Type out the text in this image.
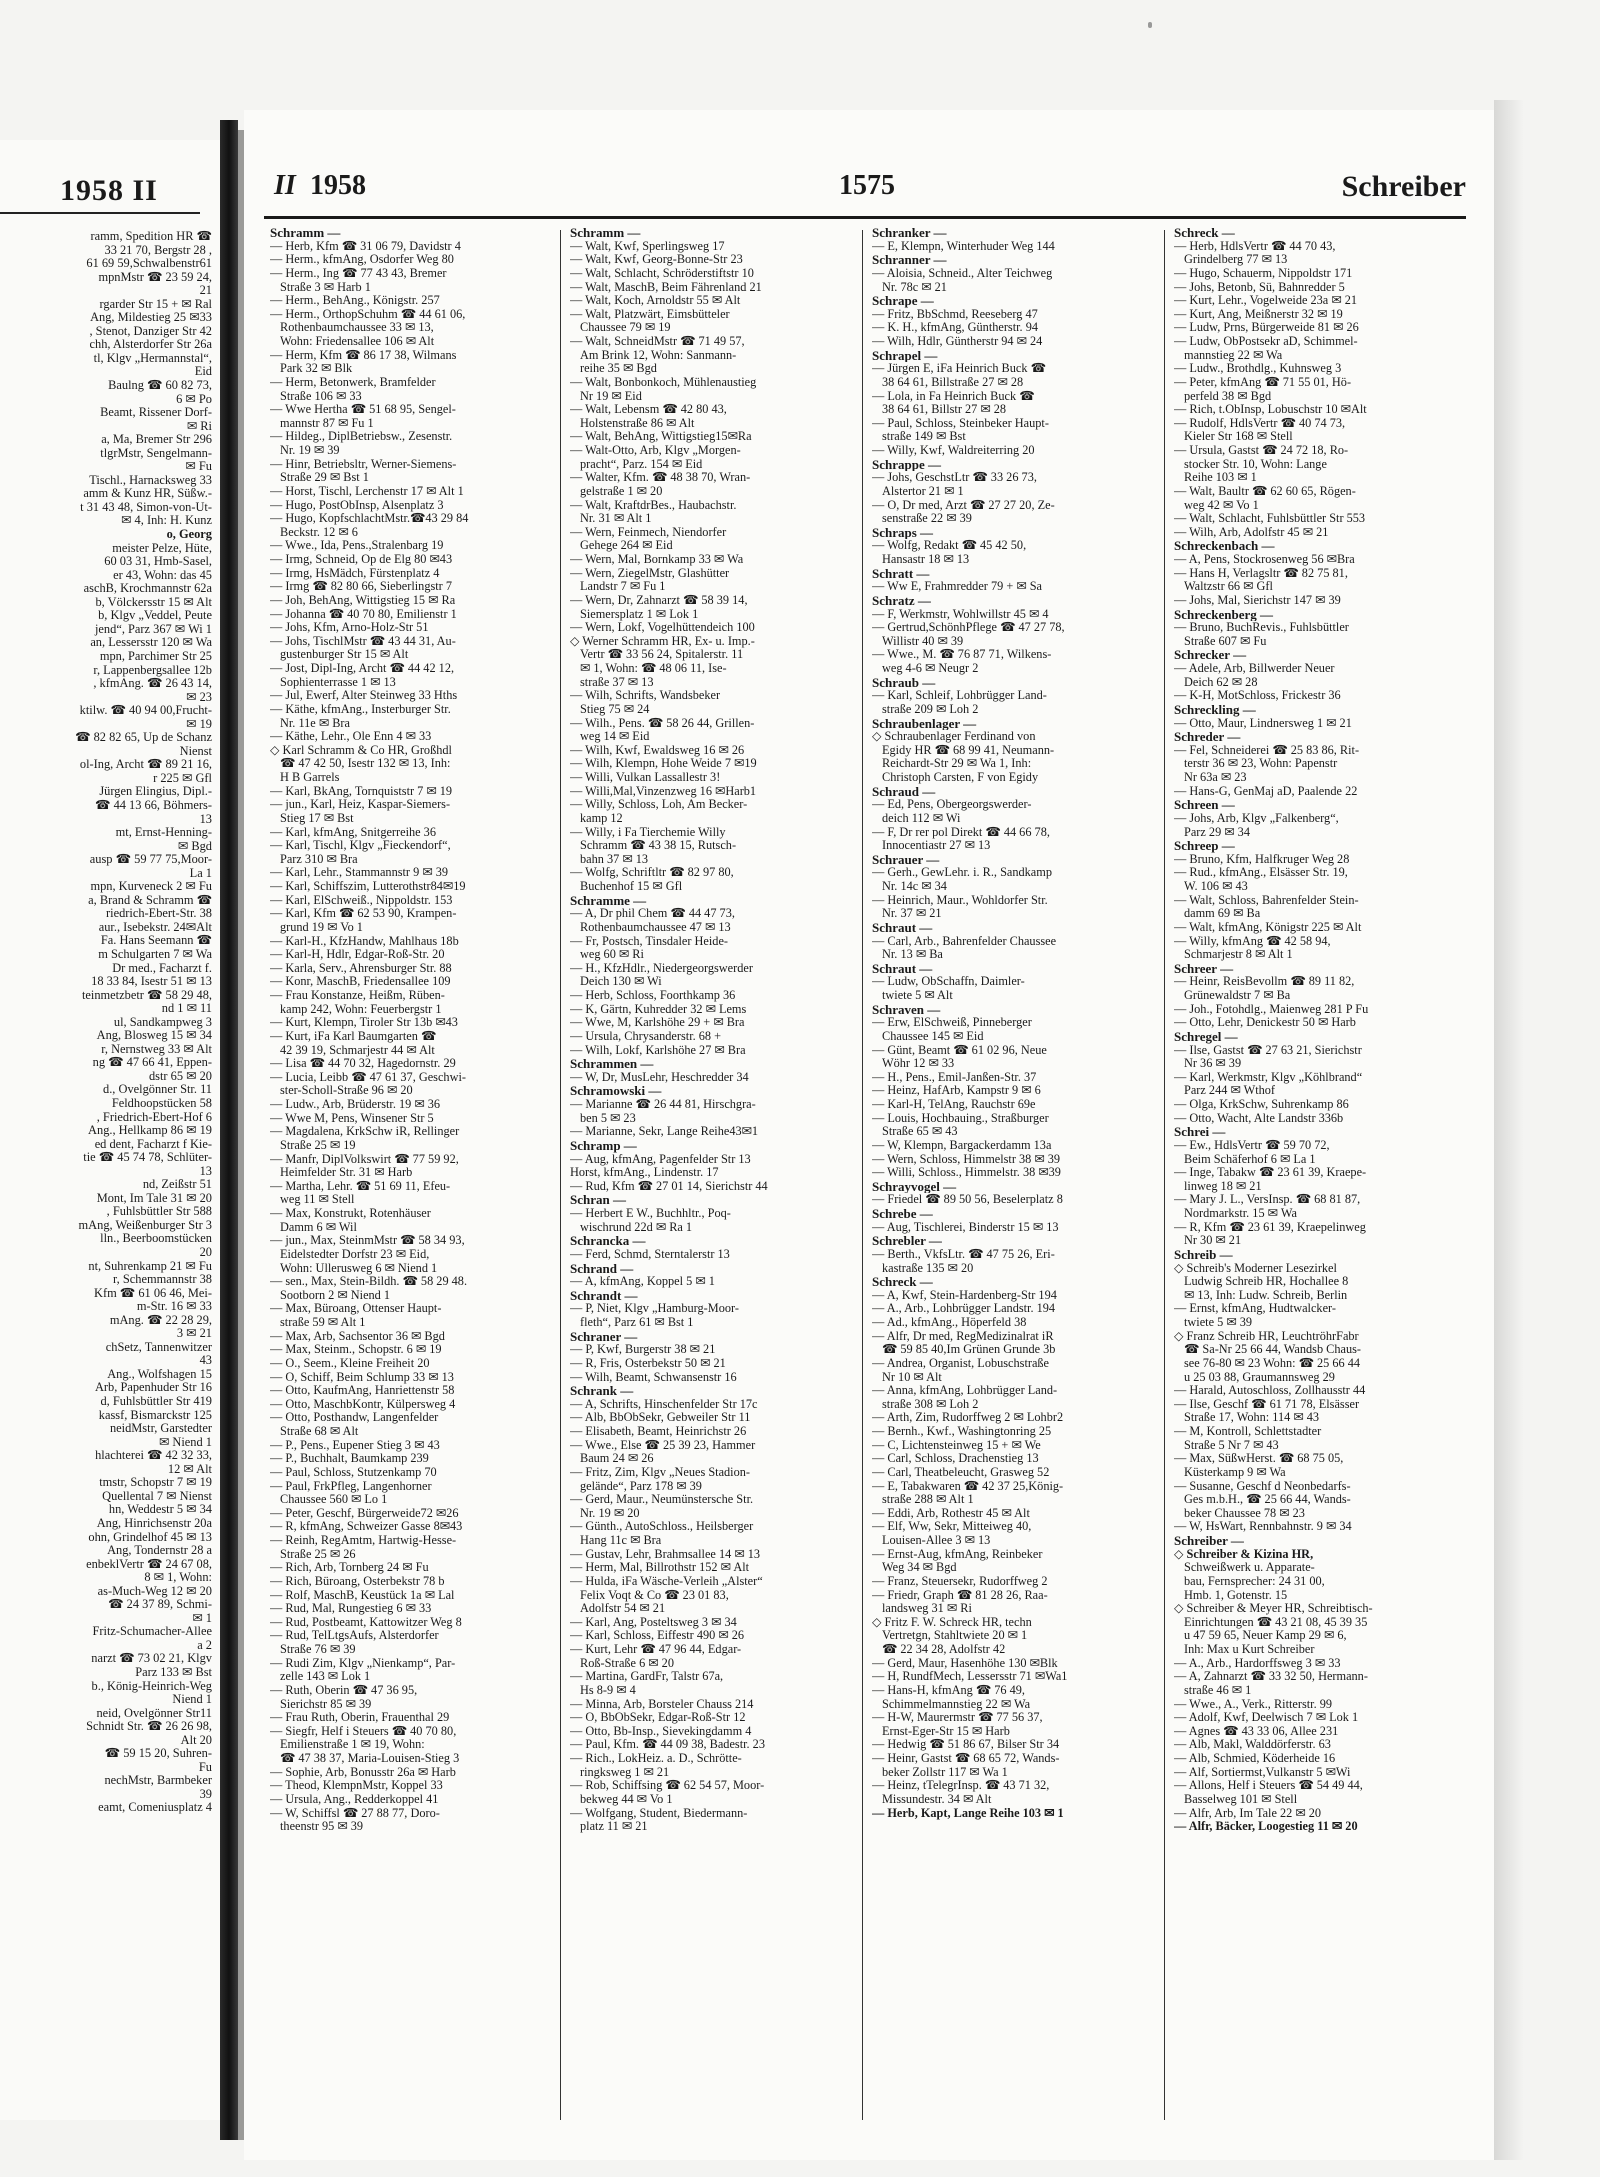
1958 II
ramm, Spedition HR ☎
33 21 70, Bergstr 28 ,
61 69 59,Schwalbenstr61
mpnMstr ☎ 23 59 24,
21
rgarder Str 15 + ✉ Ral
Ang, Mildestieg 25 ✉33
, Stenot, Danziger Str 42
chh, Alsterdorfer Str 26a
tl, Klgv „Hermannstal“,
Eid
Baulng ☎ 60 82 73,
6 ✉ Po
Beamt, Rissener Dorf-
✉ Ri
a, Ma, Bremer Str 296
tlgrMstr, Sengelmann-
✉ Fu
Tischl., Harnacksweg 33
amm & Kunz HR, Süßw.-
t 31 43 48, Simon-von-Ut-
✉ 4, Inh: H. Kunz
o, Georg
meister Pelze, Hüte,
60 03 31, Hmb-Sasel,
er 43, Wohn: das 45
aschB, Krochmannstr 62a
b, Völckersstr 15 ✉ Alt
b, Klgv „Veddel, Peute
jend“, Parz 367 ✉ Wi 1
an, Lessersstr 120 ✉ Wa
mpn, Parchimer Str 25
r, Lappenbergsallee 12b
, kfmAng. ☎ 26 43 14,
✉ 23
ktilw. ☎ 40 94 00,Frucht-
✉ 19
☎ 82 82 65, Up de Schanz
Nienst
ol-Ing, Archt ☎ 89 21 16,
r 225 ✉ Gfl
Jürgen Elingius, Dipl.-
☎ 44 13 66, Böhmers-
13
mt, Ernst-Henning-
✉ Bgd
ausp ☎ 59 77 75,Moor-
La 1
mpn, Kurveneck 2 ✉ Fu
a, Brand & Schramm ☎
riedrich-Ebert-Str. 38
aur., Isebekstr. 24✉Alt
Fa. Hans Seemann ☎
m Schulgarten 7 ✉ Wa
Dr med., Facharzt f.
18 33 84, Isestr 51 ✉ 13
teinmetzbetr ☎ 58 29 48,
nd 1 ✉ 11
ul, Sandkampweg 3
Ang, Blosweg 15 ✉ 34
r, Nernstweg 33 ✉ Alt
ng ☎ 47 66 41, Eppen-
dstr 65 ✉ 20
d., Ovelgönner Str. 11
Feldhoopstücken 58
, Friedrich-Ebert-Hof 6
Ang., Hellkamp 86 ✉ 19
ed dent, Facharzt f Kie-
tie ☎ 45 74 78, Schlüter-
13
nd, Zeißstr 51
Mont, Im Tale 31 ✉ 20
, Fuhlsbüttler Str 588
mAng, Weißenburger Str 3
lln., Beerboomstücken
20
nt, Suhrenkamp 21 ✉ Fu
r, Schemmannstr 38
Kfm ☎ 61 06 46, Mei-
m-Str. 16 ✉ 33
mAng. ☎ 22 28 29,
3 ✉ 21
chSetz, Tannenwitzer
43
Ang., Wolfshagen 15
Arb, Papenhuder Str 16
d, Fuhlsbüttler Str 419
kassf, Bismarckstr 125
neidMstr, Garstedter
✉ Niend 1
hlachterei ☎ 42 32 33,
12 ✉ Alt
tmstr, Schopstr 7 ✉ 19
Quellental 7 ✉ Nienst
hn, Weddestr 5 ✉ 34
Ang, Hinrichsenstr 20a
ohn, Grindelhof 45 ✉ 13
Ang, Tondernstr 28 a
enbeklVertr ☎ 24 67 08,
8 ✉ 1, Wohn:
as-Much-Weg 12 ✉ 20
☎ 24 37 89, Schmi-
✉ 1
Fritz-Schumacher-Allee
a 2
narzt ☎ 73 02 21, Klgv
Parz 133 ✉ Bst
b., König-Heinrich-Weg
Niend 1
neid, Ovelgönner Str11
Schnidt Str. ☎ 26 26 98,
Alt 20
☎ 59 15 20, Suhren-
Fu
nechMstr, Barmbeker
39
eamt, Comeniusplatz 4
II 1958	1575	Schreiber
Schramm —
— Herb, Kfm ☎ 31 06 79, Davidstr 4
— Herm., kfmAng, Osdorfer Weg 80
— Herm., Ing ☎ 77 43 43, Bremer
Straße 3 ✉ Harb 1
— Herm., BehAng., Königstr. 257
— Herm., OrthopSchuhm ☎ 44 61 06,
Rothenbaumchaussee 33 ✉ 13,
Wohn: Friedensallee 106 ✉ Alt
— Herm, Kfm ☎ 86 17 38, Wilmans
Park 32 ✉ Blk
— Herm, Betonwerk, Bramfelder
Straße 106 ✉ 33
— Wwe Hertha ☎ 51 68 95, Sengel-
mannstr 87 ✉ Fu 1
— Hildeg., DiplBetriebsw., Zesenstr.
Nr. 19 ✉ 39
— Hinr, Betriebsltr, Werner-Siemens-
Straße 29 ✉ Bst 1
— Horst, Tischl, Lerchenstr 17 ✉ Alt 1
— Hugo, PostObInsp, Alsenplatz 3
— Hugo, KopfschlachtMstr.☎43 29 84
Beckstr. 12 ✉ 6
— Wwe., Ida, Pens.,Stralenbarg 19
— Irmg, Schneid, Op de Elg 80 ✉43
— Irmg, HsMädch, Fürstenplatz 4
— Irmg ☎ 82 80 66, Sieberlingstr 7
— Joh, BehAng, Wittigstieg 15 ✉ Ra
— Johanna ☎ 40 70 80, Emilienstr 1
— Johs, Kfm, Arno-Holz-Str 51
— Johs, TischlMstr ☎ 43 44 31, Au-
gustenburger Str 15 ✉ Alt
— Jost, Dipl-Ing, Archt ☎ 44 42 12,
Sophienterrasse 1 ✉ 13
— Jul, Ewerf, Alter Steinweg 33 Hths
— Käthe, kfmAng., Insterburger Str.
Nr. 11e ✉ Bra
— Käthe, Lehr., Ole Enn 4 ✉ 33
◇ Karl Schramm & Co HR, Großhdl
☎ 47 42 50, Isestr 132 ✉ 13, Inh:
H B Garrels
— Karl, BkAng, Tornquiststr 7 ✉ 19
— jun., Karl, Heiz, Kaspar-Siemers-
Stieg 17 ✉ Bst
— Karl, kfmAng, Snitgerreihe 36
— Karl, Tischl, Klgv „Fieckendorf“,
Parz 310 ✉ Bra
— Karl, Lehr., Stammannstr 9 ✉ 39
— Karl, Schiffszim, Lutterothstr84✉19
— Karl, ElSchweiß., Nippoldstr. 153
— Karl, Kfm ☎ 62 53 90, Krampen-
grund 19 ✉ Vo 1
— Karl-H., KfzHandw, Mahlhaus 18b
— Karl-H, Hdlr, Edgar-Roß-Str. 20
— Karla, Serv., Ahrensburger Str. 88
— Konr, MaschB, Friedensallee 109
— Frau Konstanze, Heißm, Rüben-
kamp 242, Wohn: Feuerbergstr 1
— Kurt, Klempn, Tiroler Str 13b ✉43
— Kurt, iFa Karl Baumgarten ☎
42 39 19, Schmarjestr 44 ✉ Alt
— Lisa ☎ 44 70 32, Hagedornstr. 29
— Lucia, Leibb ☎ 47 61 37, Geschwi-
ster-Scholl-Straße 96 ✉ 20
— Ludw., Arb, Brüderstr. 19 ✉ 36
— Wwe M, Pens, Winsener Str 5
— Magdalena, KrkSchw iR, Rellinger
Straße 25 ✉ 19
— Manfr, DiplVolkswirt ☎ 77 59 92,
Heimfelder Str. 31 ✉ Harb
— Martha, Lehr. ☎ 51 69 11, Efeu-
weg 11 ✉ Stell
— Max, Konstrukt, Rotenhäuser
Damm 6 ✉ Wil
— jun., Max, SteinmMstr ☎ 58 34 93,
Eidelstedter Dorfstr 23 ✉ Eid,
Wohn: Ullerusweg 6 ✉ Niend 1
— sen., Max, Stein-Bildh. ☎ 58 29 48.
Sootborn 2 ✉ Niend 1
— Max, Büroang, Ottenser Haupt-
straße 59 ✉ Alt 1
— Max, Arb, Sachsentor 36 ✉ Bgd
— Max, Steinm., Schopstr. 6 ✉ 19
— O., Seem., Kleine Freiheit 20
— O, Schiff, Beim Schlump 33 ✉ 13
— Otto, KaufmAng, Hanriettenstr 58
— Otto, MaschbKontr, Külpersweg 4
— Otto, Posthandw, Langenfelder
Straße 68 ✉ Alt
— P., Pens., Eupener Stieg 3 ✉ 43
— P., Buchhalt, Baumkamp 239
— Paul, Schloss, Stutzenkamp 70
— Paul, FrkPfleg, Langenhorner
Chaussee 560 ✉ Lo 1
— Peter, Geschf, Bürgerweide72 ✉26
— R, kfmAng, Schweizer Gasse 8✉43
— Reinh, RegAmtm, Hartwig-Hesse-
Straße 25 ✉ 26
— Rich, Arb, Tornberg 24 ✉ Fu
— Rich, Büroang, Osterbekstr 78 b
— Rolf, MaschB, Keustück 1a ✉ Lal
— Rud, Mal, Rungestieg 6 ✉ 33
— Rud, Postbeamt, Kattowitzer Weg 8
— Rud, TelLtgsAufs, Alsterdorfer
Straße 76 ✉ 39
— Rudi Zim, Klgv „Nienkamp“, Par-
zelle 143 ✉ Lok 1
— Ruth, Oberin ☎ 47 36 95,
Sierichstr 85 ✉ 39
— Frau Ruth, Oberin, Frauenthal 29
— Siegfr, Helf i Steuers ☎ 40 70 80,
Emilienstraße 1 ✉ 19, Wohn:
☎ 47 38 37, Maria-Louisen-Stieg 3
— Sophie, Arb, Bonusstr 26a ✉ Harb
— Theod, KlempnMstr, Koppel 33
— Ursula, Ang., Redderkoppel 41
— W, Schiffsl ☎ 27 88 77, Doro-
theenstr 95 ✉ 39
Schramm —
— Walt, Kwf, Sperlingsweg 17
— Walt, Kwf, Georg-Bonne-Str 23
— Walt, Schlacht, Schröderstiftstr 10
— Walt, MaschB, Beim Fährenland 21
— Walt, Koch, Arnoldstr 55 ✉ Alt
— Walt, Platzwärt, Eimsbütteler
Chaussee 79 ✉ 19
— Walt, SchneidMstr ☎ 71 49 57,
Am Brink 12, Wohn: Sanmann-
reihe 35 ✉ Bgd
— Walt, Bonbonkoch, Mühlenaustieg
Nr 19 ✉ Eid
— Walt, Lebensm ☎ 42 80 43,
Holstenstraße 86 ✉ Alt
— Walt, BehAng, Wittigstieg15✉Ra
— Walt-Otto, Arb, Klgv „Morgen-
pracht“, Parz. 154 ✉ Eid
— Walter, Kfm. ☎ 48 38 70, Wran-
gelstraße 1 ✉ 20
— Walt, KraftdrBes., Haubachstr.
Nr. 31 ✉ Alt 1
— Wern, Feinmech, Niendorfer
Gehege 264 ✉ Eid
— Wern, Mal, Bornkamp 33 ✉ Wa
— Wern, ZiegelMstr, Glashütter
Landstr 7 ✉ Fu 1
— Wern, Dr, Zahnarzt ☎ 58 39 14,
Siemersplatz 1 ✉ Lok 1
— Wern, Lokf, Vogelhüttendeich 100
◇ Werner Schramm HR, Ex- u. Imp.-
Vertr ☎ 33 56 24, Spitalerstr. 11
✉ 1, Wohn: ☎ 48 06 11, Ise-
straße 37 ✉ 13
— Wilh, Schrifts, Wandsbeker
Stieg 75 ✉ 24
— Wilh., Pens. ☎ 58 26 44, Grillen-
weg 14 ✉ Eid
— Wilh, Kwf, Ewaldsweg 16 ✉ 26
— Wilh, Klempn, Hohe Weide 7 ✉19
— Willi, Vulkan Lassallestr 3!
— Willi,Mal,Vinzenzweg 16 ✉Harb1
— Willy, Schloss, Loh, Am Becker-
kamp 12
— Willy, i Fa Tierchemie Willy
Schramm ☎ 43 38 15, Rutsch-
bahn 37 ✉ 13
— Wolfg, Schriftltr ☎ 82 97 80,
Buchenhof 15 ✉ Gfl
Schramme —
— A, Dr phil Chem ☎ 44 47 73,
Rothenbaumchaussee 47 ✉ 13
— Fr, Postsch, Tinsdaler Heide-
weg 60 ✉ Ri
— H., KfzHdlr., Niedergeorgswerder
Deich 130 ✉ Wi
— Herb, Schloss, Foorthkamp 36
— K, Gärtn, Kuhredder 32 ✉ Lems
— Wwe, M, Karlshöhe 29 + ✉ Bra
— Ursula, Chrysanderstr. 68 +
— Wilh, Lokf, Karlshöhe 27 ✉ Bra
Schrammen —
— W, Dr, MusLehr, Heschredder 34
Schramowski —
— Marianne ☎ 26 44 81, Hirschgra-
ben 5 ✉ 23
— Marianne, Sekr, Lange Reihe43✉1
Schramp —
— Aug, kfmAng, Pagenfelder Str 13
Horst, kfmAng., Lindenstr. 17
— Rud, Kfm ☎ 27 01 14, Sierichstr 44
Schran —
— Herbert E W., Buchhltr., Poq-
wischrund 22d ✉ Ra 1
Schrancka —
— Ferd, Schmd, Sterntalerstr 13
Schrand —
— A, kfmAng, Koppel 5 ✉ 1
Schrandt —
— P, Niet, Klgv „Hamburg-Moor-
fleth“, Parz 61 ✉ Bst 1
Schraner —
— P, Kwf, Burgerstr 38 ✉ 21
— R, Fris, Osterbekstr 50 ✉ 21
— Wilh, Beamt, Schwansenstr 16
Schrank —
— A, Schrifts, Hinschenfelder Str 17c
— Alb, BbObSekr, Gebweiler Str 11
— Elisabeth, Beamt, Heinrichstr 26
— Wwe., Else ☎ 25 39 23, Hammer
Baum 24 ✉ 26
— Fritz, Zim, Klgv „Neues Stadion-
gelände“, Parz 178 ✉ 39
— Gerd, Maur., Neumünstersche Str.
Nr. 19 ✉ 20
— Günth., AutoSchloss., Heilsberger
Hang 11c ✉ Bra
— Gustav, Lehr, Brahmsallee 14 ✉ 13
— Herm, Mal, Billrothstr 152 ✉ Alt
— Hulda, iFa Wäsche-Verleih „Alster“
Felix Voqt & Co ☎ 23 01 83,
Adolfstr 54 ✉ 21
— Karl, Ang, Posteltsweg 3 ✉ 34
— Karl, Schloss, Eiffestr 490 ✉ 26
— Kurt, Lehr ☎ 47 96 44, Edgar-
Roß-Straße 6 ✉ 20
— Martina, GardFr, Talstr 67a,
Hs 8-9 ✉ 4
— Minna, Arb, Borsteler Chauss 214
— O, BbObSekr, Edgar-Roß-Str 12
— Otto, Bb-Insp., Sievekingdamm 4
— Paul, Kfm. ☎ 44 09 38, Badestr. 23
— Rich., LokHeiz. a. D., Schrötte-
ringksweg 1 ✉ 21
— Rob, Schiffsing ☎ 62 54 57, Moor-
bekweg 44 ✉ Vo 1
— Wolfgang, Student, Biedermann-
platz 11 ✉ 21
Schranker —
— E, Klempn, Winterhuder Weg 144
Schranner —
— Aloisia, Schneid., Alter Teichweg
Nr. 78c ✉ 21
Schrape —
— Fritz, BbSchmd, Reeseberg 47
— K. H., kfmAng, Güntherstr. 94
— Wilh, Hdlr, Güntherstr 94 ✉ 24
Schrapel —
— Jürgen E, iFa Heinrich Buck ☎
38 64 61, Billstraße 27 ✉ 28
— Lola, in Fa Heinrich Buck ☎
38 64 61, Billstr 27 ✉ 28
— Paul, Schloss, Steinbeker Haupt-
straße 149 ✉ Bst
— Willy, Kwf, Waldreiterring 20
Schrappe —
— Johs, GeschstLtr ☎ 33 26 73,
Alstertor 21 ✉ 1
— O, Dr med, Arzt ☎ 27 27 20, Ze-
senstraße 22 ✉ 39
Schraps —
— Wolfg, Redakt ☎ 45 42 50,
Hansastr 18 ✉ 13
Schratt —
— Ww E, Frahmredder 79 + ✉ Sa
Schratz —
— F, Werkmstr, Wohlwillstr 45 ✉ 4
— Gertrud,SchönhPflege ☎ 47 27 78,
Willistr 40 ✉ 39
— Wwe., M. ☎ 76 87 71, Wilkens-
weg 4-6 ✉ Neugr 2
Schraub —
— Karl, Schleif, Lohbrügger Land-
straße 209 ✉ Loh 2
Schraubenlager —
◇ Schraubenlager Ferdinand von
Egidy HR ☎ 68 99 41, Neumann-
Reichardt-Str 29 ✉ Wa 1, Inh:
Christoph Carsten, F von Egidy
Schraud —
— Ed, Pens, Obergeorgswerder-
deich 112 ✉ Wi
— F, Dr rer pol Direkt ☎ 44 66 78,
Innocentiastr 27 ✉ 13
Schrauer —
— Gerh., GewLehr. i. R., Sandkamp
Nr. 14c ✉ 34
— Heinrich, Maur., Wohldorfer Str.
Nr. 37 ✉ 21
Schraut —
— Carl, Arb., Bahrenfelder Chaussee
Nr. 13 ✉ Ba
Schraut —
— Ludw, ObSchaffn, Daimler-
twiete 5 ✉ Alt
Schraven —
— Erw, ElSchweiß, Pinneberger
Chaussee 145 ✉ Eid
— Günt, Beamt ☎ 61 02 96, Neue
Wöhr 12 ✉ 33
— H., Pens., Emil-Janßen-Str. 37
— Heinz, HafArb, Kampstr 9 ✉ 6
— Karl-H, TelAng, Rauchstr 69e
— Louis, Hochbauing., Straßburger
Straße 65 ✉ 43
— W, Klempn, Bargackerdamm 13a
— Wern, Schloss, Himmelstr 38 ✉ 39
— Willi, Schloss., Himmelstr. 38 ✉39
Schrayvogel —
— Friedel ☎ 89 50 56, Beselerplatz 8
Schrebe —
— Aug, Tischlerei, Binderstr 15 ✉ 13
Schrebler —
— Berth., VkfsLtr. ☎ 47 75 26, Eri-
kastraße 135 ✉ 20
Schreck —
— A, Kwf, Stein-Hardenberg-Str 194
— A., Arb., Lohbrügger Landstr. 194
— Ad., kfmAng., Höperfeld 38
— Alfr, Dr med, RegMedizinalrat iR
☎ 59 85 40,Im Grünen Grunde 3b
— Andrea, Organist, Lobuschstraße
Nr 10 ✉ Alt
— Anna, kfmAng, Lohbrügger Land-
straße 308 ✉ Loh 2
— Arth, Zim, Rudorffweg 2 ✉ Lohbr2
— Bernh., Kwf., Washingtonring 25
— C, Lichtensteinweg 15 + ✉ We
— Carl, Schloss, Drachenstieg 13
— Carl, Theatbeleucht, Grasweg 52
— E, Tabakwaren ☎ 42 37 25,König-
straße 288 ✉ Alt 1
— Eddi, Arb, Rothestr 45 ✉ Alt
— Elf, Ww, Sekr, Mitteiweg 40,
Louisen-Allee 3 ✉ 13
— Ernst-Aug, kfmAng, Reinbeker
Weg 34 ✉ Bgd
— Franz, Steuersekr, Rudorffweg 2
— Friedr, Graph ☎ 81 28 26, Raa-
landsweg 31 ✉ Ri
◇ Fritz F. W. Schreck HR, techn
Vertretgn, Stahltwiete 20 ✉ 1
☎ 22 34 28, Adolfstr 42
— Gerd, Maur, Hasenhöhe 130 ✉Blk
— H, RundfMech, Lessersstr 71 ✉Wa1
— Hans-H, kfmAng ☎ 76 49,
Schimmelmannstieg 22 ✉ Wa
— H-W, Maurermstr ☎ 77 56 37,
Ernst-Eger-Str 15 ✉ Harb
— Hedwig ☎ 51 86 67, Bilser Str 34
— Heinr, Gastst ☎ 68 65 72, Wands-
beker Zollstr 117 ✉ Wa 1
— Heinz, tTelegrInsp. ☎ 43 71 32,
Missundestr. 34 ✉ Alt
— Herb, Kapt, Lange Reihe 103 ✉ 1
Schreck —
— Herb, HdlsVertr ☎ 44 70 43,
Grindelberg 77 ✉ 13
— Hugo, Schauerm, Nippoldstr 171
— Johs, Betonb, Sü, Bahnredder 5
— Kurt, Lehr., Vogelweide 23a ✉ 21
— Kurt, Ang, Meißnerstr 32 ✉ 19
— Ludw, Prns, Bürgerweide 81 ✉ 26
— Ludw, ObPostsekr aD, Schimmel-
mannstieg 22 ✉ Wa
— Ludw., Brothdlg., Kuhnsweg 3
— Peter, kfmAng ☎ 71 55 01, Hö-
perfeld 38 ✉ Bgd
— Rich, t.ObInsp, Lobuschstr 10 ✉Alt
— Rudolf, HdlsVertr ☎ 40 74 73,
Kieler Str 168 ✉ Stell
— Ursula, Gastst ☎ 24 72 18, Ro-
stocker Str. 10, Wohn: Lange
Reihe 103 ✉ 1
— Walt, Baultr ☎ 62 60 65, Rögen-
weg 42 ✉ Vo 1
— Walt, Schlacht, Fuhlsbüttler Str 553
— Wilh, Arb, Adolfstr 45 ✉ 21
Schreckenbach —
— A, Pens, Stockrosenweg 56 ✉Bra
— Hans H, Verlagsltr ☎ 82 75 81,
Waltzstr 66 ✉ Gfl
— Johs, Mal, Sierichstr 147 ✉ 39
Schreckenberg —
— Bruno, BuchRevis., Fuhlsbüttler
Straße 607 ✉ Fu
Schrecker —
— Adele, Arb, Billwerder Neuer
Deich 62 ✉ 28
— K-H, MotSchloss, Frickestr 36
Schreckling —
— Otto, Maur, Lindnersweg 1 ✉ 21
Schreder —
— Fel, Schneiderei ☎ 25 83 86, Rit-
terstr 36 ✉ 23, Wohn: Papenstr
Nr 63a ✉ 23
— Hans-G, GenMaj aD, Paalende 22
Schreen —
— Johs, Arb, Klgv „Falkenberg“,
Parz 29 ✉ 34
Schreep —
— Bruno, Kfm, Halfkruger Weg 28
— Rud., kfmAng., Elsässer Str. 19,
W. 106 ✉ 43
— Walt, Schloss, Bahrenfelder Stein-
damm 69 ✉ Ba
— Walt, kfmAng, Königstr 225 ✉ Alt
— Willy, kfmAng ☎ 42 58 94,
Schmarjestr 8 ✉ Alt 1
Schreer —
— Heinr, ReisBevollm ☎ 89 11 82,
Grünewaldstr 7 ✉ Ba
— Joh., Fotohdlg., Maienweg 281 P Fu
— Otto, Lehr, Denickestr 50 ✉ Harb
Schregel —
— Ilse, Gastst ☎ 27 63 21, Sierichstr
Nr 36 ✉ 39
— Karl, Werkmstr, Klgv „Köhlbrand“
Parz 244 ✉ Wthof
— Olga, KrkSchw, Suhrenkamp 86
— Otto, Wacht, Alte Landstr 336b
Schrei —
— Ew., HdlsVertr ☎ 59 70 72,
Beim Schäferhof 6 ✉ La 1
— Inge, Tabakw ☎ 23 61 39, Kraepe-
linweg 18 ✉ 21
— Mary J. L., VersInsp. ☎ 68 81 87,
Nordmarkstr. 15 ✉ Wa
— R, Kfm ☎ 23 61 39, Kraepelinweg
Nr 30 ✉ 21
Schreib —
◇ Schreib's Moderner Lesezirkel
Ludwig Schreib HR, Hochallee 8
✉ 13, Inh: Ludw. Schreib, Berlin
— Ernst, kfmAng, Hudtwalcker-
twiete 5 ✉ 39
◇ Franz Schreib HR, LeuchtröhrFabr
☎ Sa-Nr 25 66 44, Wandsb Chaus-
see 76-80 ✉ 23 Wohn: ☎ 25 66 44
u 25 03 88, Graumannsweg 29
— Harald, Autoschloss, Zollhausstr 44
— Ilse, Geschf ☎ 61 71 78, Elsässer
Straße 17, Wohn: 114 ✉ 43
— M, Kontroll, Schlettstadter
Straße 5 Nr 7 ✉ 43
— Max, SüßwHerst. ☎ 68 75 05,
Küsterkamp 9 ✉ Wa
— Susanne, Geschf d Neonbedarfs-
Ges m.b.H., ☎ 25 66 44, Wands-
beker Chaussee 78 ✉ 23
— W, HsWart, Rennbahnstr. 9 ✉ 34
Schreiber —
◇ Schreiber & Kizina HR,
Schweißwerk u. Apparate-
bau, Fernsprecher: 24 31 00,
Hmb. 1, Gotenstr. 15
◇ Schreiber & Meyer HR, Schreibtisch-
Einrichtungen ☎ 43 21 08, 45 39 35
u 47 59 65, Neuer Kamp 29 ✉ 6,
Inh: Max u Kurt Schreiber
— A., Arb., Hardorffsweg 3 ✉ 33
— A, Zahnarzt ☎ 33 32 50, Hermann-
straße 46 ✉ 1
— Wwe., A., Verk., Ritterstr. 99
— Adolf, Kwf, Deelwisch 7 ✉ Lok 1
— Agnes ☎ 43 33 06, Allee 231
— Alb, Makl, Walddörferstr. 63
— Alb, Schmied, Köderheide 16
— Alf, Sortiermst,Vulkanstr 5 ✉Wi
— Allons, Helf i Steuers ☎ 54 49 44,
Basselweg 101 ✉ Stell
— Alfr, Arb, Im Tale 22 ✉ 20
— Alfr, Bäcker, Loogestieg 11 ✉ 20
